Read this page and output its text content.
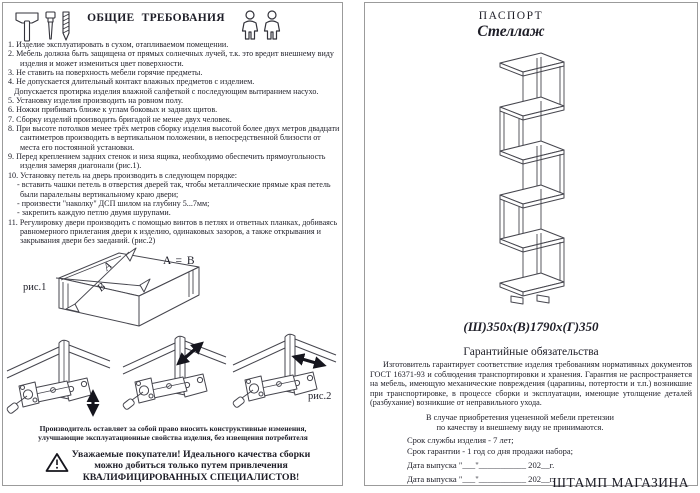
ОБЩИЕ ТРЕБОВАНИЯ
1. Изделие эксплуатировать в сухом, отапливаемом помещении.
2. Мебель должна быть защищена от прямых солнечных лучей, т.к. это вредит внешнему виду изделия и может измениться цвет поверхности.
3. Не ставить на поверхность мебели горячие предметы.
4. Не допускается длительный контакт влажных предметов с изделием.
Допускается протирка изделия влажной салфеткой с последующим вытиранием насухо.
5. Установку изделия производить на ровном полу.
6. Ножки прибивать ближе к углам боковых и задних щитов.
7. Сборку изделий производить бригадой не менее двух человек.
8. При высоте потолков менее трёх метров сборку изделия высотой более двух метров двадцати сантиметров производить в вертикальном положении, в непосредственной близости от места его постоянной установки.
9. Перед креплением задних стенок и низа ящика, необходимо обеспечить прямоугольность изделия замеряя диагонали (рис.1).
10. Установку петель на дверь производить в следующем порядке:
- вставить чашки петель в отверстия дверей так, чтобы металлические прямые края петель были паралельны вертикальному краю двери;
- произвести "наколку" ДСП шилом на глубину 5...7мм;
- закрепить каждую петлю двумя шурупами.
11. Регулировку двери производить с помощью винтов в петлях и ответных планках, добиваясь равномерного прилегания двери к изделию, одинаковых зазоров, а также открывания и закрывания двери без заеданий. (рис.2)
A
B
рис.1
A = B
рис.2
Производитель оставляет за собой право вносить конструктивные изменения,
улучшающие эксплуатационные свойства изделия, без извещения потребителя
Уважаемые покупатели! Идеального качества сборки
можно добиться только путем привлечения
КВАЛИФИЦИРОВАННЫХ СПЕЦИАЛИСТОВ!
ПАСПОРТ
Стеллаж
(Ш)350х(В)1790х(Г)350
Гарантийные обязательства
Изготовитель гарантирует соответствие изделия требованиям нормативных документов ГОСТ 16371-93 и соблюдения транспортировки и хранения. Гарантия не распространяется на мебель, имеющую механические повреждения (царапины, потертости и т.п.) возникшие при транспортировке, в процессе сборки и эксплуатации, имеющие утолщение деталей (разбухание) возникшие от неправильного ухода.
В случае приобретения уцененной мебели претензии
по качеству и внешнему виду не принимаются.
Срок службы изделия - 7 лет;
Срок гарантии - 1 год со дня продажи набора;
Дата выпуска "___"___________ 202__г.
Дата выпуска "___"___________ 202__г.
ШТАМП МАГАЗИНА
